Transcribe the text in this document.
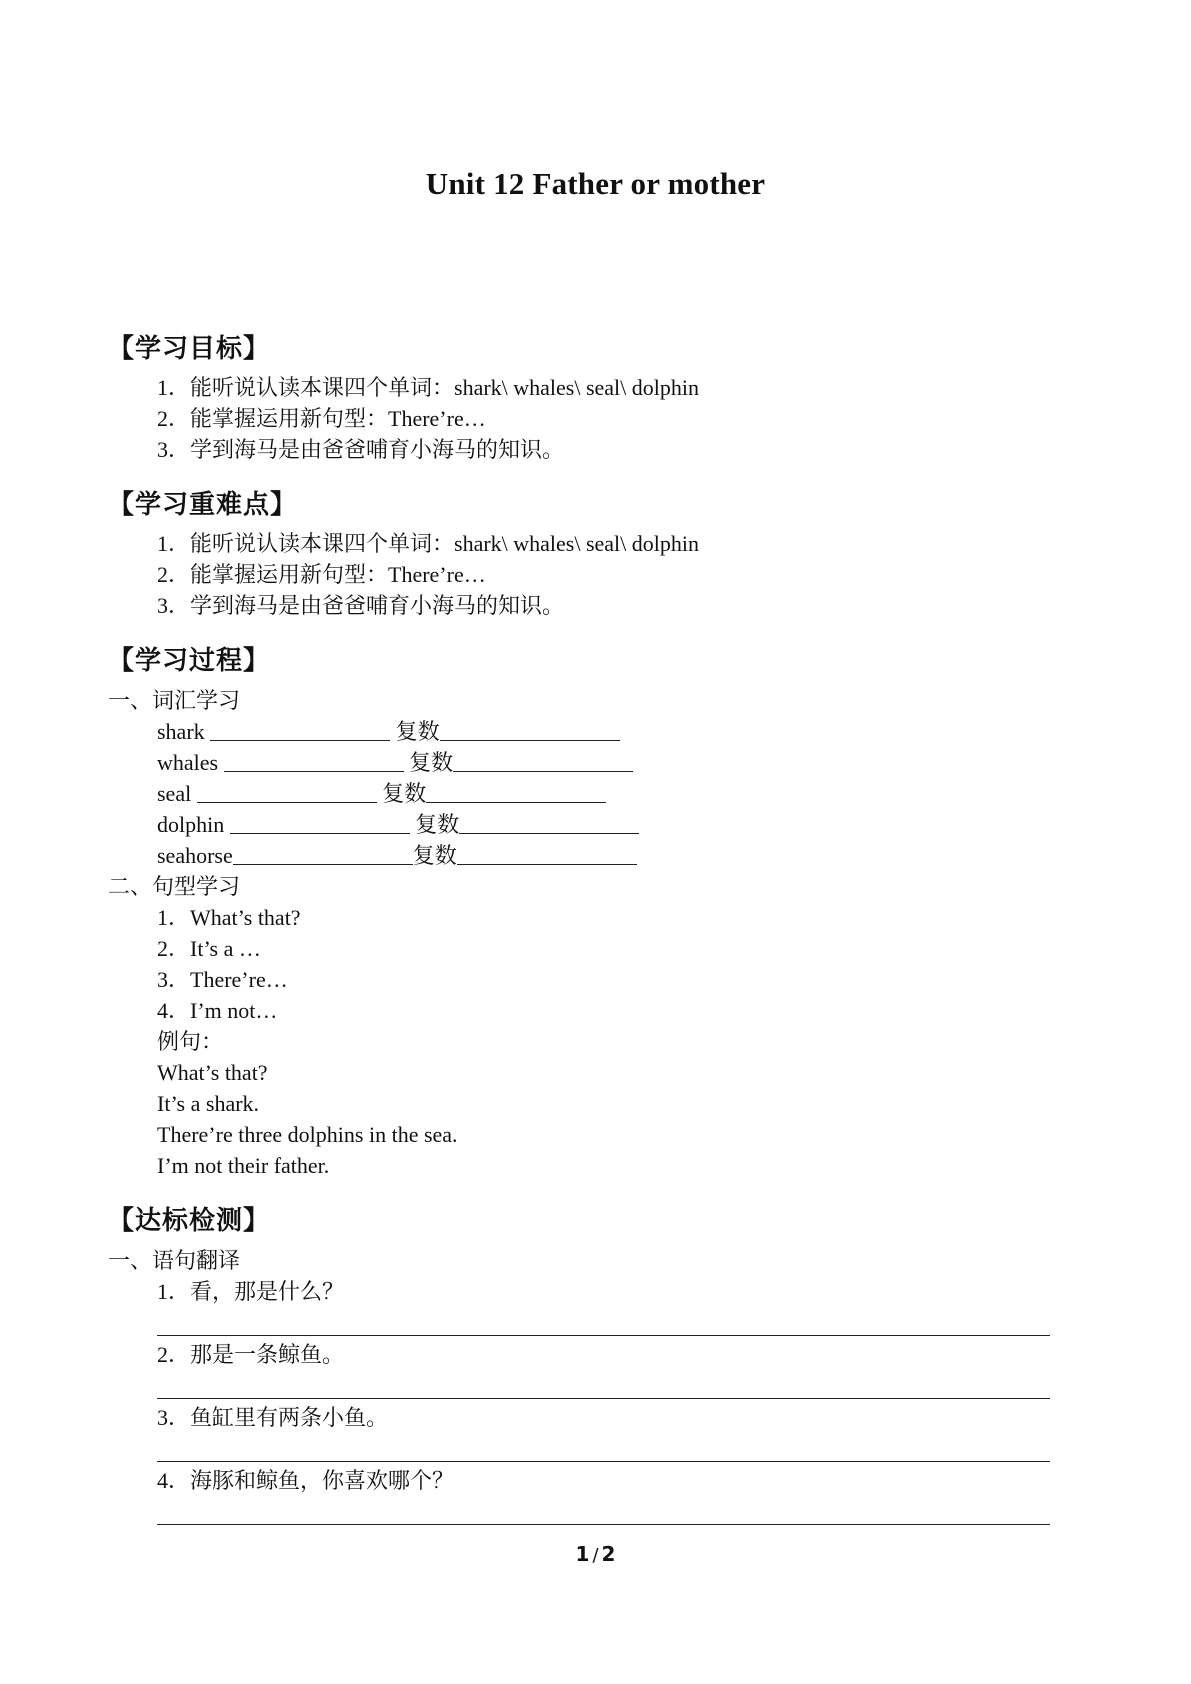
Unit 12 Father or mother
【学习目标】
1．能听说认读本课四个单词：shark\ whales\ seal\ dolphin
2．能掌握运用新句型：There’re…
3．学到海马是由爸爸哺育小海马的知识。
【学习重难点】
1．能听说认读本课四个单词：shark\ whales\ seal\ dolphin
2．能掌握运用新句型：There’re…
3．学到海马是由爸爸哺育小海马的知识。
【学习过程】
一、词汇学习
shark	复数
whales	复数
seal	复数
dolphin	复数
seahorse	复数
二、句型学习
1．What’s that?
2．It’s a …
3．There’re…
4．I’m not…
例句：
What’s that?
It’s a shark.
There’re three dolphins in the sea.
I’m not their father.
【达标检测】
一、语句翻译
1．看，那是什么？
2．那是一条鲸鱼。
3．鱼缸里有两条小鱼。
4．海豚和鲸鱼，你喜欢哪个？
1 / 2
